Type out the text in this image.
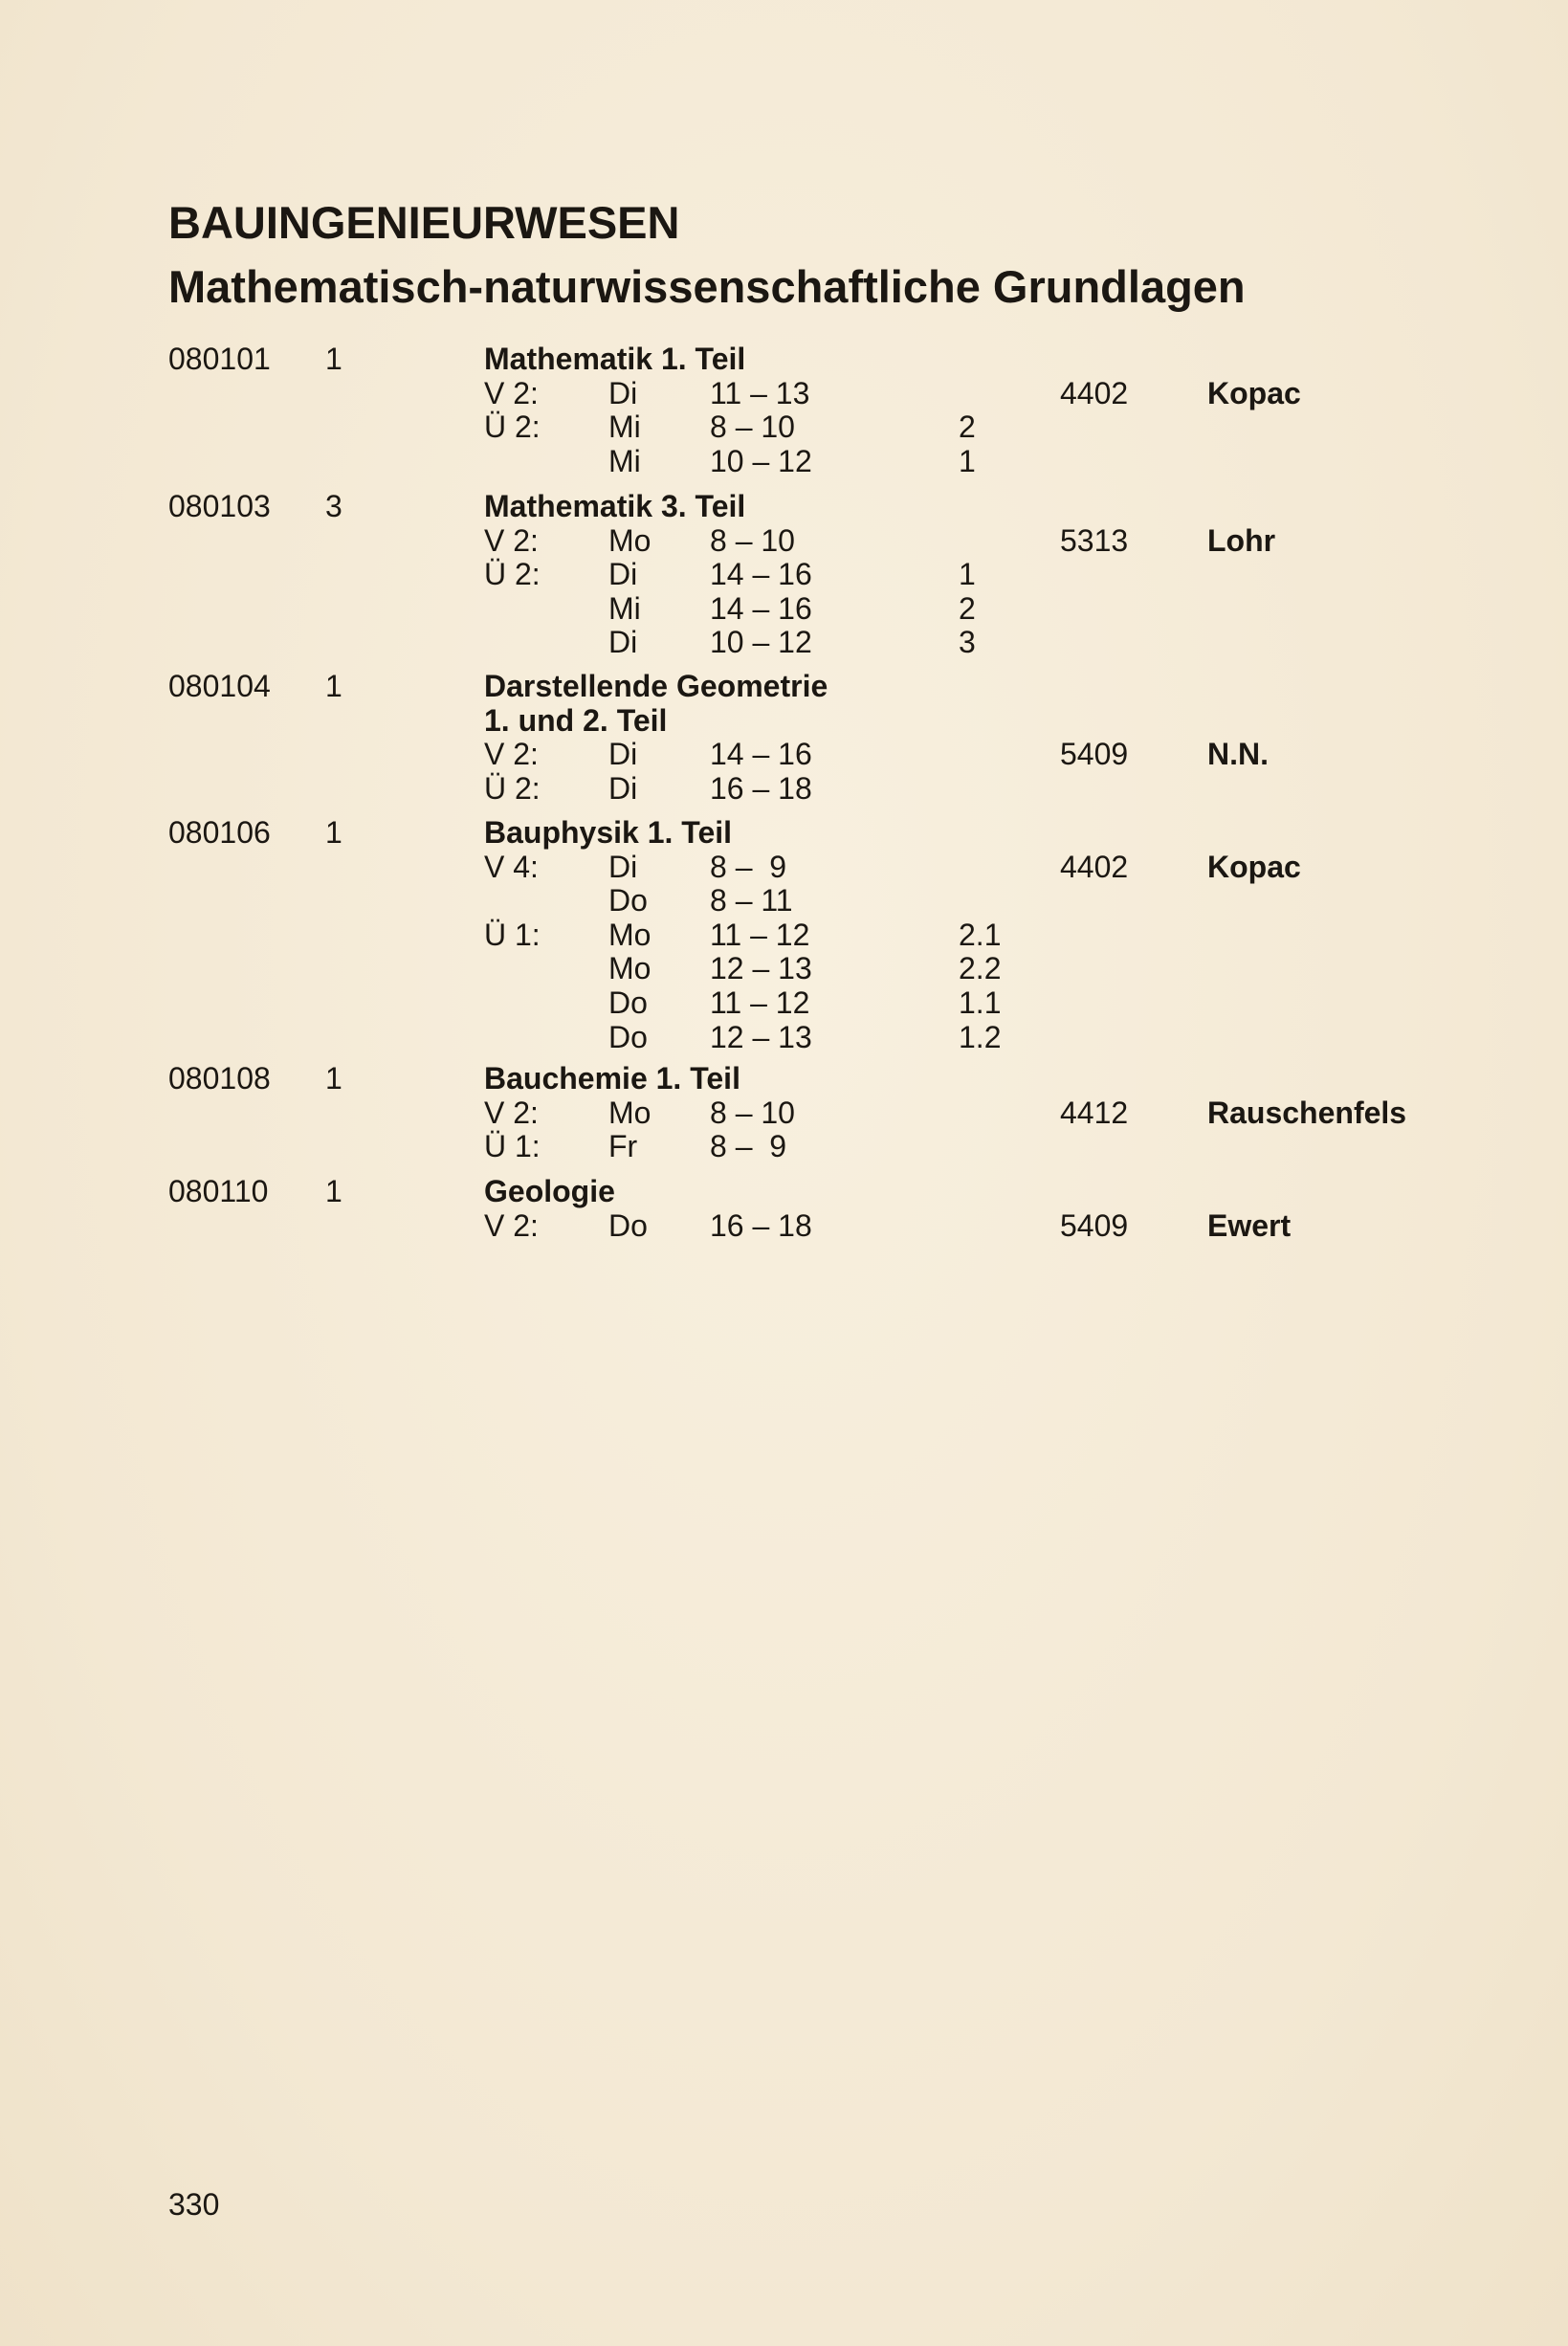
BAUINGENIEURWESEN
Mathematisch-naturwissenschaftliche Grundlagen
080101 1	Mathematik 1. Teil
V 2: Di 11 – 13	4402	Kopac
Ü 2: Mi 8 – 10	2
Mi 10 – 12	1
080103 3	Mathematik 3. Teil
V 2: Mo 8 – 10	5313	Lohr
Ü 2: Di 14 – 16	1
Mi 14 – 16	2
Di 10 – 12	3
080104 1	Darstellende Geometrie
1. und 2. Teil
V 2: Di 14 – 16	5409	N.N.
Ü 2: Di 16 – 18
080106 1	Bauphysik 1. Teil
V 4: Di 8 –  9	4402	Kopac
Do 8 – 11
Ü 1: Mo 11 – 12	2.1
Mo 12 – 13	2.2
Do 11 – 12	1.1
Do 12 – 13	1.2
080108 1	Bauchemie 1. Teil
V 2: Mo 8 – 10	4412	Rauschenfels
Ü 1: Fr 8 –  9
080110 1	Geologie
V 2: Do 16 – 18	5409	Ewert
330
